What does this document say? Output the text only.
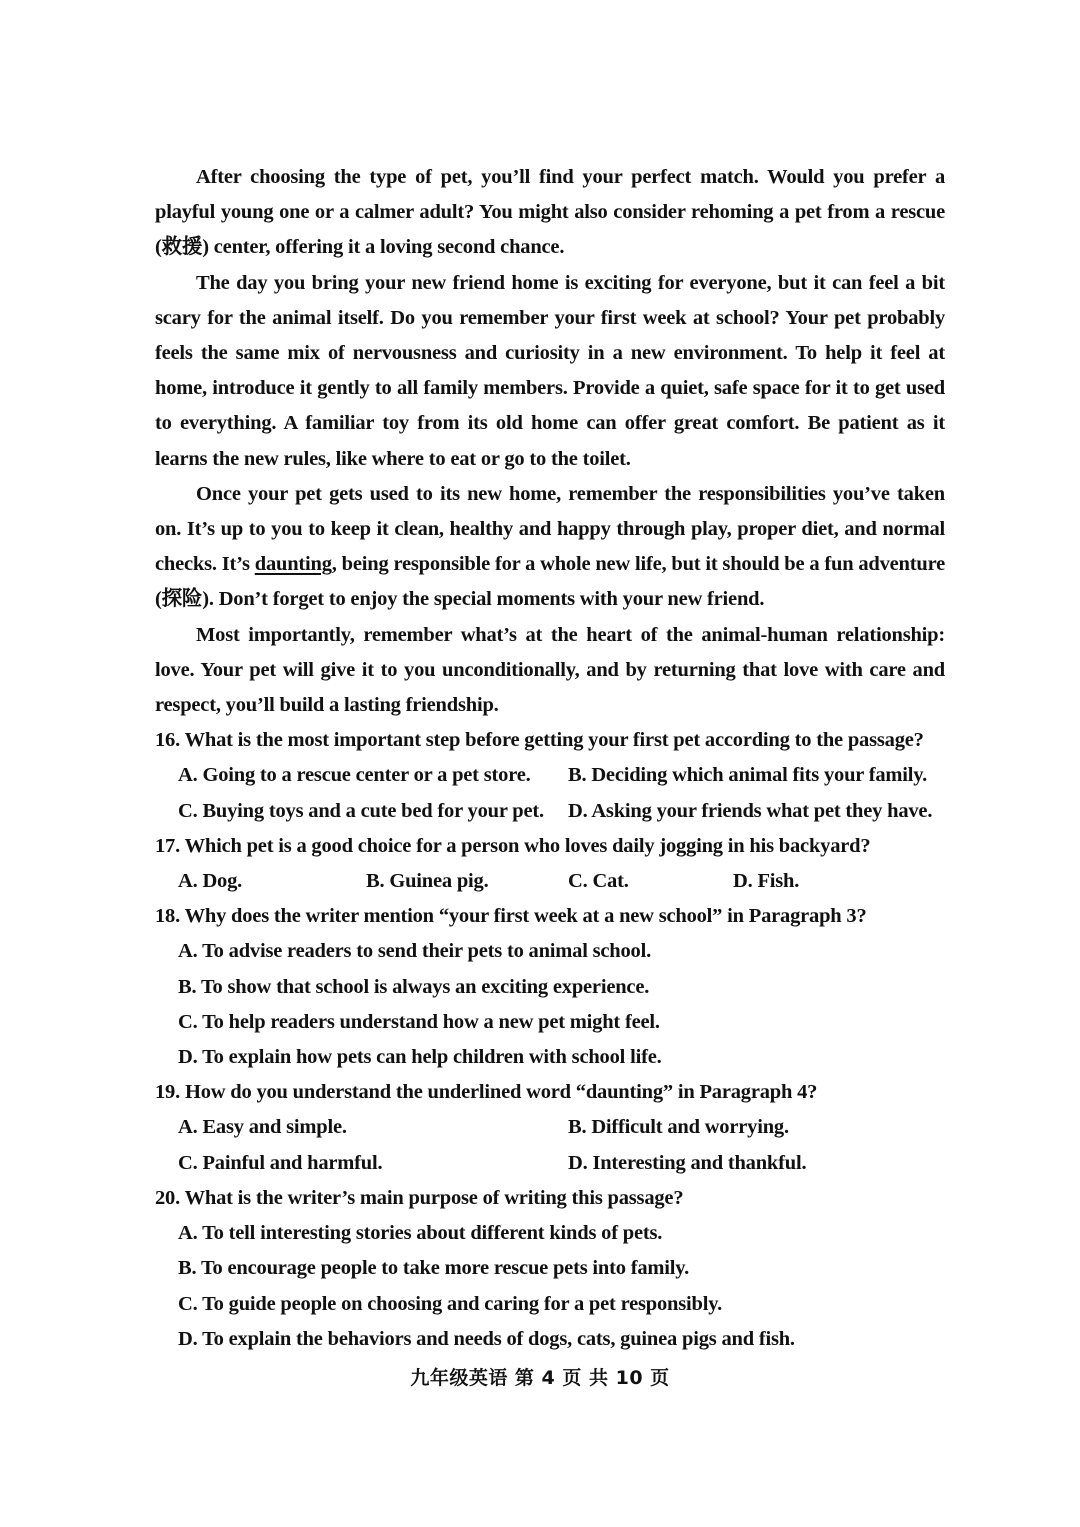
After choosing the type of pet, you’ll find your perfect match. Would you prefer a playful young one or a calmer adult? You might also consider rehoming a pet from a rescue (救援) center, offering it a loving second chance.

The day you bring your new friend home is exciting for everyone, but it can feel a bit scary for the animal itself. Do you remember your first week at school? Your pet probably feels the same mix of nervousness and curiosity in a new environment. To help it feel at home, introduce it gently to all family members. Provide a quiet, safe space for it to get used to everything. A familiar toy from its old home can offer great comfort. Be patient as it learns the new rules, like where to eat or go to the toilet.

Once your pet gets used to its new home, remember the responsibilities you’ve taken on. It’s up to you to keep it clean, healthy and happy through play, proper diet, and normal checks. It’s daunting, being responsible for a whole new life, but it should be a fun adventure (探险). Don’t forget to enjoy the special moments with your new friend.

Most importantly, remember what’s at the heart of the animal-human relationship: love. Your pet will give it to you unconditionally, and by returning that love with care and respect, you’ll build a lasting friendship.

16. What is the most important step before getting your first pet according to the passage?

A. Going to a rescue center or a pet store.	B. Deciding which animal fits your family.
C. Buying toys and a cute bed for your pet.	D. Asking your friends what pet they have.

17. Which pet is a good choice for a person who loves daily jogging in his backyard?

A. Dog.	B. Guinea pig.	C. Cat.	D. Fish.

18. Why does the writer mention “your first week at a new school” in Paragraph 3?

A. To advise readers to send their pets to animal school.
B. To show that school is always an exciting experience.
C. To help readers understand how a new pet might feel.
D. To explain how pets can help children with school life.

19. How do you understand the underlined word “daunting” in Paragraph 4?

A. Easy and simple.	B. Difficult and worrying.
C. Painful and harmful.	D. Interesting and thankful.

20. What is the writer’s main purpose of writing this passage?

A. To tell interesting stories about different kinds of pets.
B. To encourage people to take more rescue pets into family.
C. To guide people on choosing and caring for a pet responsibly.
D. To explain the behaviors and needs of dogs, cats, guinea pigs and fish.
九年级英语 第 4 页 共 10 页
